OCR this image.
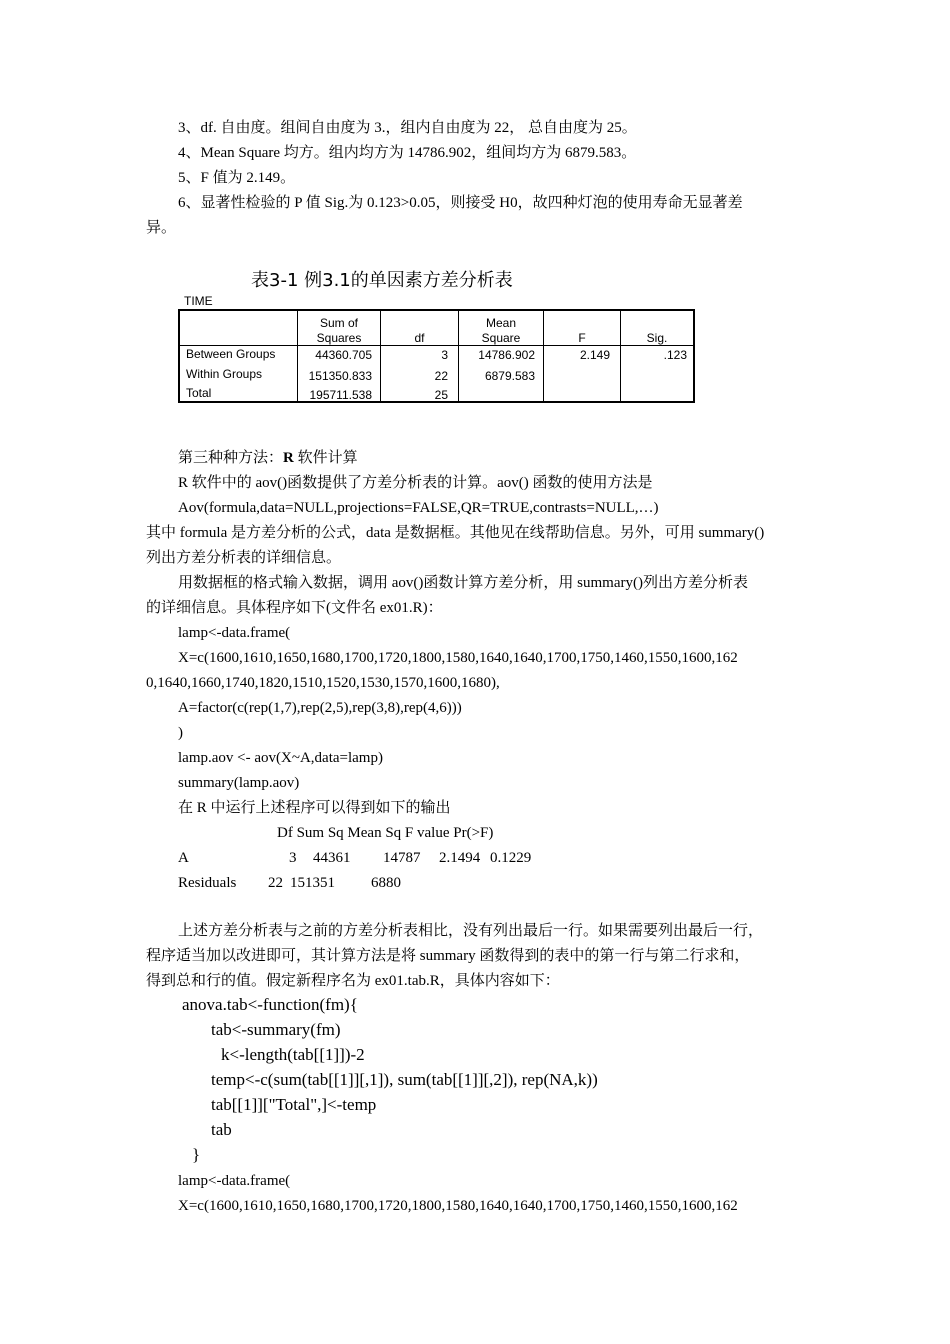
3、df. 自由度。组间自由度为 3.，组内自由度为 22， 总自由度为 25。
4、Mean Square 均方。组内均方为 14786.902，组间均方为 6879.583。
5、F 值为 2.149。
6、显著性检验的 P 值 Sig.为 0.123>0.05，则接受 H0，故四种灯泡的使用寿命无显著差
异。
表3-1 例3.1的单因素方差分析表
TIME
Sum of
Squares	df
Mean
Square	F	Sig.
Between Groups	44360.705	3	14786.902	2.149	.123
Within Groups	151350.833	22	6879.583
Total	195711.538	25
第三种种方法：R 软件计算
R 软件中的 aov()函数提供了方差分析表的计算。aov() 函数的使用方法是
Aov(formula,data=NULL,projections=FALSE,QR=TRUE,contrasts=NULL,…)
其中 formula 是方差分析的公式，data 是数据框。其他见在线帮助信息。另外，可用 summary()
列出方差分析表的详细信息。
用数据框的格式输入数据，调用 aov()函数计算方差分析，用 summary()列出方差分析表
的详细信息。具体程序如下(文件名 ex01.R)：
lamp<-data.frame(
X=c(1600,1610,1650,1680,1700,1720,1800,1580,1640,1640,1700,1750,1460,1550,1600,162
0,1640,1660,1740,1820,1510,1520,1530,1570,1600,1680),
A=factor(c(rep(1,7),rep(2,5),rep(3,8),rep(4,6)))
)
lamp.aov <- aov(X~A,data=lamp)
summary(lamp.aov)
在 R 中运行上述程序可以得到如下的输出
Df Sum Sq Mean Sq F value Pr(>F)
A	3 44361 14787 2.1494 0.1229
Residuals 22 151351 6880
上述方差分析表与之前的方差分析表相比，没有列出最后一行。如果需要列出最后一行，
程序适当加以改进即可，其计算方法是将 summary 函数得到的表中的第一行与第二行求和，
得到总和行的值。假定新程序名为 ex01.tab.R，具体内容如下：
anova.tab<-function(fm){
tab<-summary(fm)
k<-length(tab[[1]])-2
temp<-c(sum(tab[[1]][,1]), sum(tab[[1]][,2]), rep(NA,k))
tab[[1]]["Total",]<-temp
tab
}
lamp<-data.frame(
X=c(1600,1610,1650,1680,1700,1720,1800,1580,1640,1640,1700,1750,1460,1550,1600,162
